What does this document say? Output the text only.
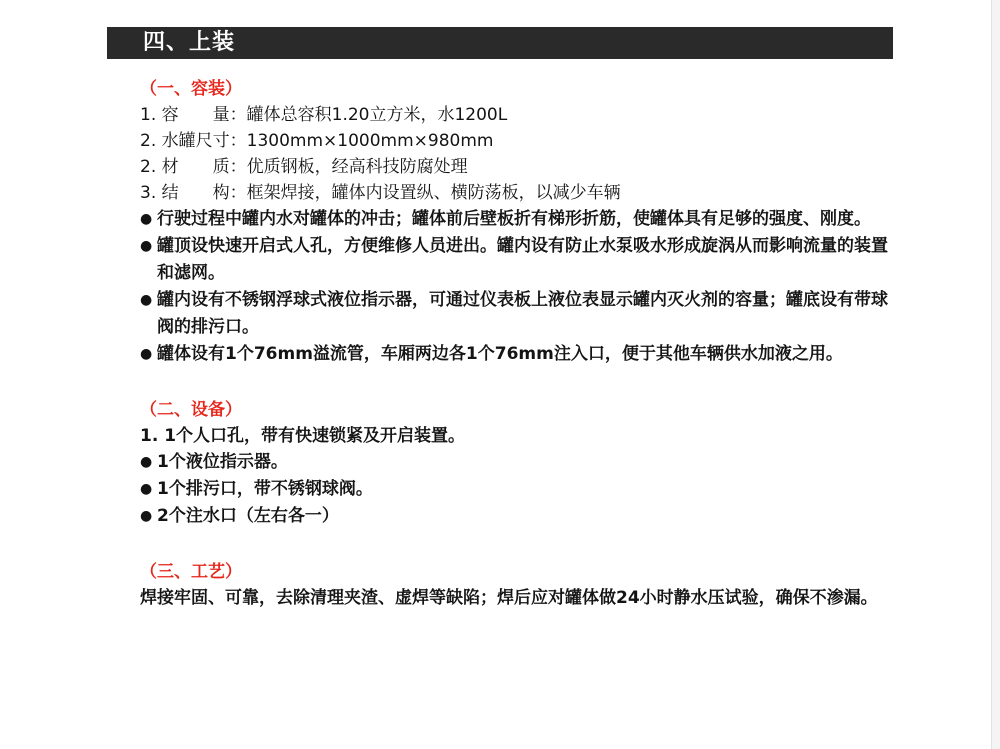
四、上装
（一、容装）
1. 容　　量：罐体总容积1.20立方米，水1200L
2. 水罐尺寸：1300mm×1000mm×980mm
2. 材　　质：优质钢板，经高科技防腐处理
3. 结　　构：框架焊接，罐体内设置纵、横防荡板，以减少车辆
● 行驶过程中罐内水对罐体的冲击；罐体前后壁板折有梯形折筋，使罐体具有足够的强度、刚度。
● 罐顶设快速开启式人孔，方便维修人员进出。罐内设有防止水泵吸水形成旋涡从而影响流量的装置和滤网。
● 罐内设有不锈钢浮球式液位指示器，可通过仪表板上液位表显示罐内灭火剂的容量；罐底设有带球阀的排污口。
● 罐体设有1个76mm溢流管，车厢两边各1个76mm注入口，便于其他车辆供水加液之用。
（二、设备）
1. 1个人口孔，带有快速锁紧及开启装置。
● 1个液位指示器。
● 1个排污口，带不锈钢球阀。
● 2个注水口（左右各一）
（三、工艺）
焊接牢固、可靠，去除清理夹渣、虚焊等缺陷；焊后应对罐体做24小时静水压试验，确保不渗漏。
